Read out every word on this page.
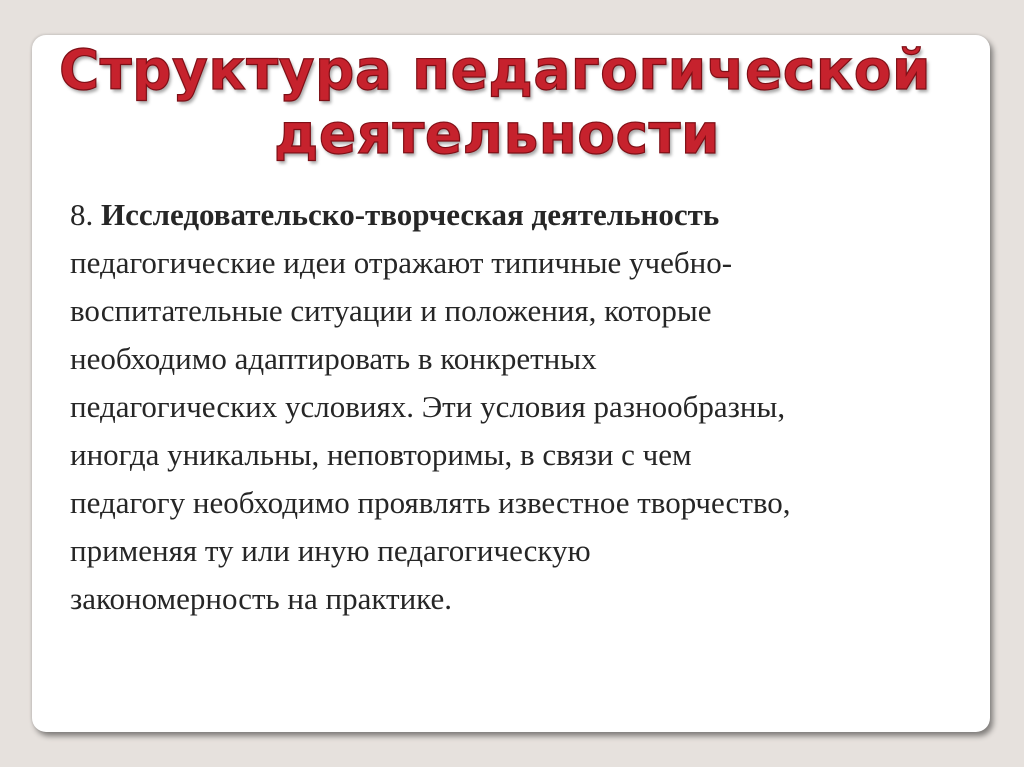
Структура педагогической
деятельности
8. Исследовательско-творческая деятельность
педагогические идеи отражают типичные учебно-
воспитательные ситуации и положения, которые
необходимо адаптировать в конкретных
педагогических условиях. Эти условия разнообразны,
иногда уникальны, неповторимы, в связи с чем
педагогу необходимо проявлять известное творчество,
применяя ту или иную педагогическую
закономерность на практике.
